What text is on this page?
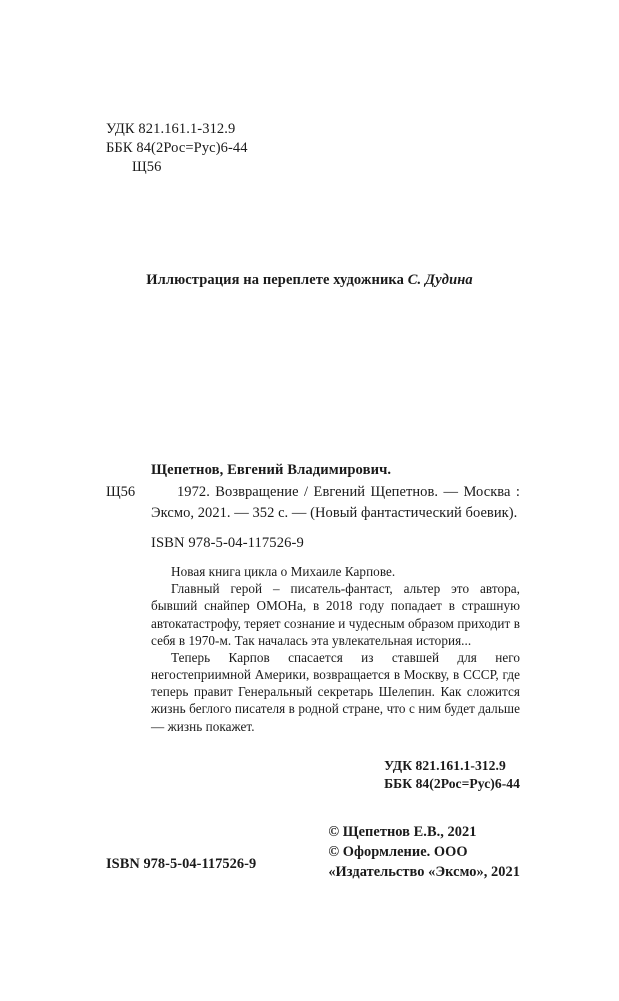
УДК 821.161.1-312.9
ББК 84(2Рос=Рус)6-44
Щ56
Иллюстрация на переплете художника С. Дудина
Щепетнов, Евгений Владимирович.
Щ56	1972. Возвращение / Евгений Щепетнов. — Москва : Эксмо, 2021. — 352 с. — (Новый фантастический боевик).
ISBN 978-5-04-117526-9

Новая книга цикла о Михаиле Карпове.

Главный герой – писатель-фантаст, альтер это автора, бывший снайпер ОМОНа, в 2018 году попадает в страшную автокатастрофу, теряет сознание и чудесным образом приходит в себя в 1970-м. Так началась эта увлекательная история...

Теперь Карпов спасается из ставшей для него негостеприимной Америки, возвращается в Москву, в СССР, где теперь правит Генеральный секретарь Шелепин. Как сложится жизнь беглого писателя в родной стране, что с ним будет дальше — жизнь покажет.

УДК 821.161.1-312.9
ББК 84(2Рос=Рус)6-44
© Щепетнов Е.В., 2021
© Оформление. ООО
«Издательство «Эксмо», 2021
ISBN 978-5-04-117526-9
